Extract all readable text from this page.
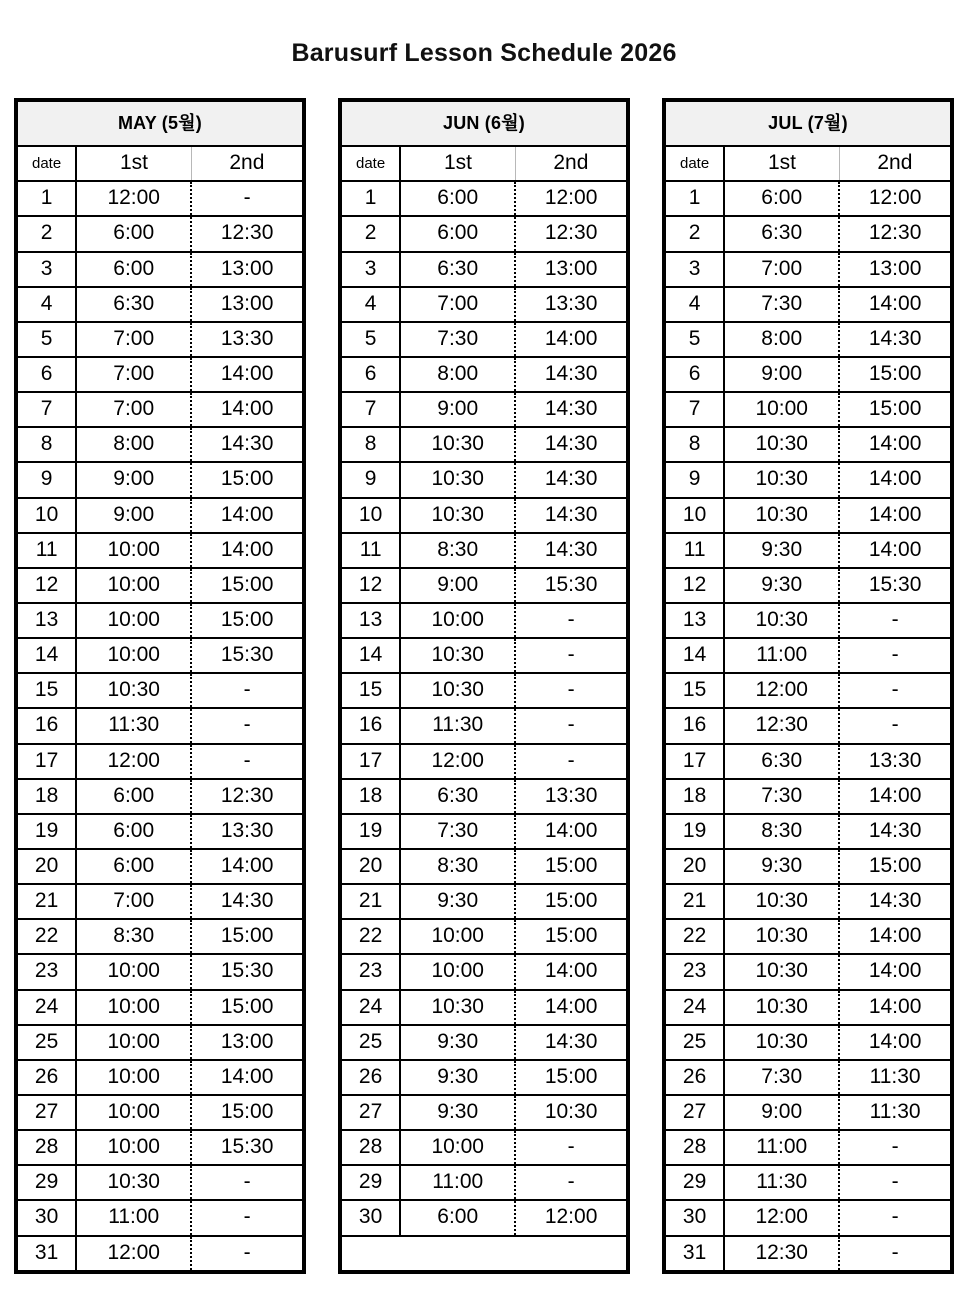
Barusurf Lesson Schedule 2026
MAY (5월)		
date	1st	2nd
1	12:00	-
2	6:00	12:30
3	6:00	13:00
4	6:30	13:00
5	7:00	13:30
6	7:00	14:00
7	7:00	14:00
8	8:00	14:30
9	9:00	15:00
10	9:00	14:00
11	10:00	14:00
12	10:00	15:00
13	10:00	15:00
14	10:00	15:30
15	10:30	-
16	11:30	-
17	12:00	-
18	6:00	12:30
19	6:00	13:30
20	6:00	14:00
21	7:00	14:30
22	8:30	15:00
23	10:00	15:30
24	10:00	15:00
25	10:00	13:00
26	10:00	14:00
27	10:00	15:00
28	10:00	15:30
29	10:30	-
30	11:00	-
31	12:00	-
JUN (6월)		
date	1st	2nd
1	6:00	12:00
2	6:00	12:30
3	6:30	13:00
4	7:00	13:30
5	7:30	14:00
6	8:00	14:30
7	9:00	14:30
8	10:30	14:30
9	10:30	14:30
10	10:30	14:30
11	8:30	14:30
12	9:00	15:30
13	10:00	-
14	10:30	-
15	10:30	-
16	11:30	-
17	12:00	-
18	6:30	13:30
19	7:30	14:00
20	8:30	15:00
21	9:30	15:00
22	10:00	15:00
23	10:00	14:00
24	10:30	14:00
25	9:30	14:30
26	9:30	15:00
27	9:30	10:30
28	10:00	-
29	11:00	-
30	6:00	12:00

JUL (7월)		
date	1st	2nd
1	6:00	12:00
2	6:30	12:30
3	7:00	13:00
4	7:30	14:00
5	8:00	14:30
6	9:00	15:00
7	10:00	15:00
8	10:30	14:00
9	10:30	14:00
10	10:30	14:00
11	9:30	14:00
12	9:30	15:30
13	10:30	-
14	11:00	-
15	12:00	-
16	12:30	-
17	6:30	13:30
18	7:30	14:00
19	8:30	14:30
20	9:30	15:00
21	10:30	14:30
22	10:30	14:00
23	10:30	14:00
24	10:30	14:00
25	10:30	14:00
26	7:30	11:30
27	9:00	11:30
28	11:00	-
29	11:30	-
30	12:00	-
31	12:30	-
